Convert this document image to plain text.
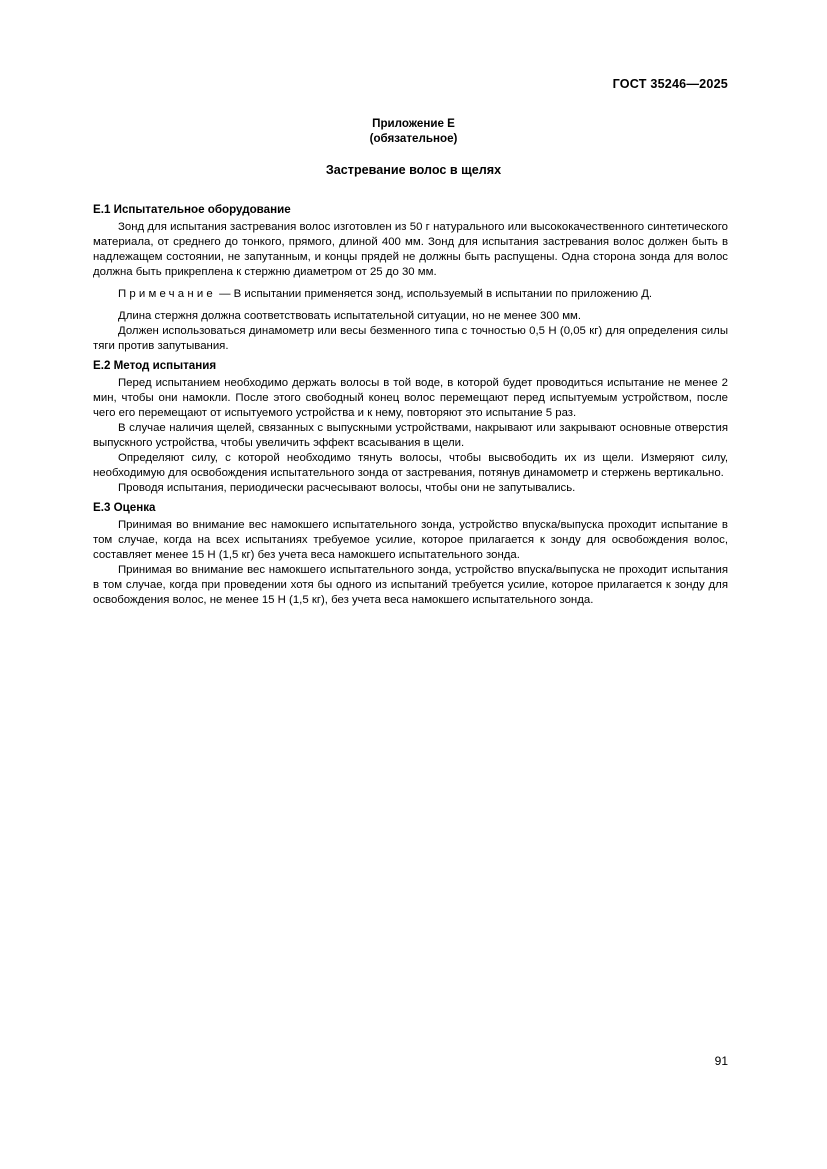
ГОСТ 35246—2025
Приложение Е
(обязательное)
Застревание волос в щелях
Е.1 Испытательное оборудование

Зонд для испытания застревания волос изготовлен из 50 г натурального или высококачественного синтетического материала, от среднего до тонкого, прямого, длиной 400 мм. Зонд для испытания застревания волос должен быть в надлежащем состоянии, не запутанным, и концы прядей не должны быть распущены. Одна сторона зонда для волос должна быть прикреплена к стержню диаметром от 25 до 30 мм.

Примечание — В испытании применяется зонд, используемый в испытании по приложению Д.

Длина стержня должна соответствовать испытательной ситуации, но не менее 300 мм.

Должен использоваться динамометр или весы безменного типа с точностью 0,5 Н (0,05 кг) для определения силы тяги против запутывания.

Е.2 Метод испытания

Перед испытанием необходимо держать волосы в той воде, в которой будет проводиться испытание не менее 2 мин, чтобы они намокли. После этого свободный конец волос перемещают перед испытуемым устройством, после чего его перемещают от испытуемого устройства и к нему, повторяют это испытание 5 раз.

В случае наличия щелей, связанных с выпускными устройствами, накрывают или закрывают основные отверстия выпускного устройства, чтобы увеличить эффект всасывания в щели.

Определяют силу, с которой необходимо тянуть волосы, чтобы высвободить их из щели. Измеряют силу, необходимую для освобождения испытательного зонда от застревания, потянув динамометр и стержень вертикально.

Проводя испытания, периодически расчесывают волосы, чтобы они не запутывались.

Е.3 Оценка

Принимая во внимание вес намокшего испытательного зонда, устройство впуска/выпуска проходит испытание в том случае, когда на всех испытаниях требуемое усилие, которое прилагается к зонду для освобождения волос, составляет менее 15 Н (1,5 кг) без учета веса намокшего испытательного зонда.

Принимая во внимание вес намокшего испытательного зонда, устройство впуска/выпуска не проходит испытания в том случае, когда при проведении хотя бы одного из испытаний требуется усилие, которое прилагается к зонду для освобождения волос, не менее 15 Н (1,5 кг), без учета веса намокшего испытательного зонда.

91
